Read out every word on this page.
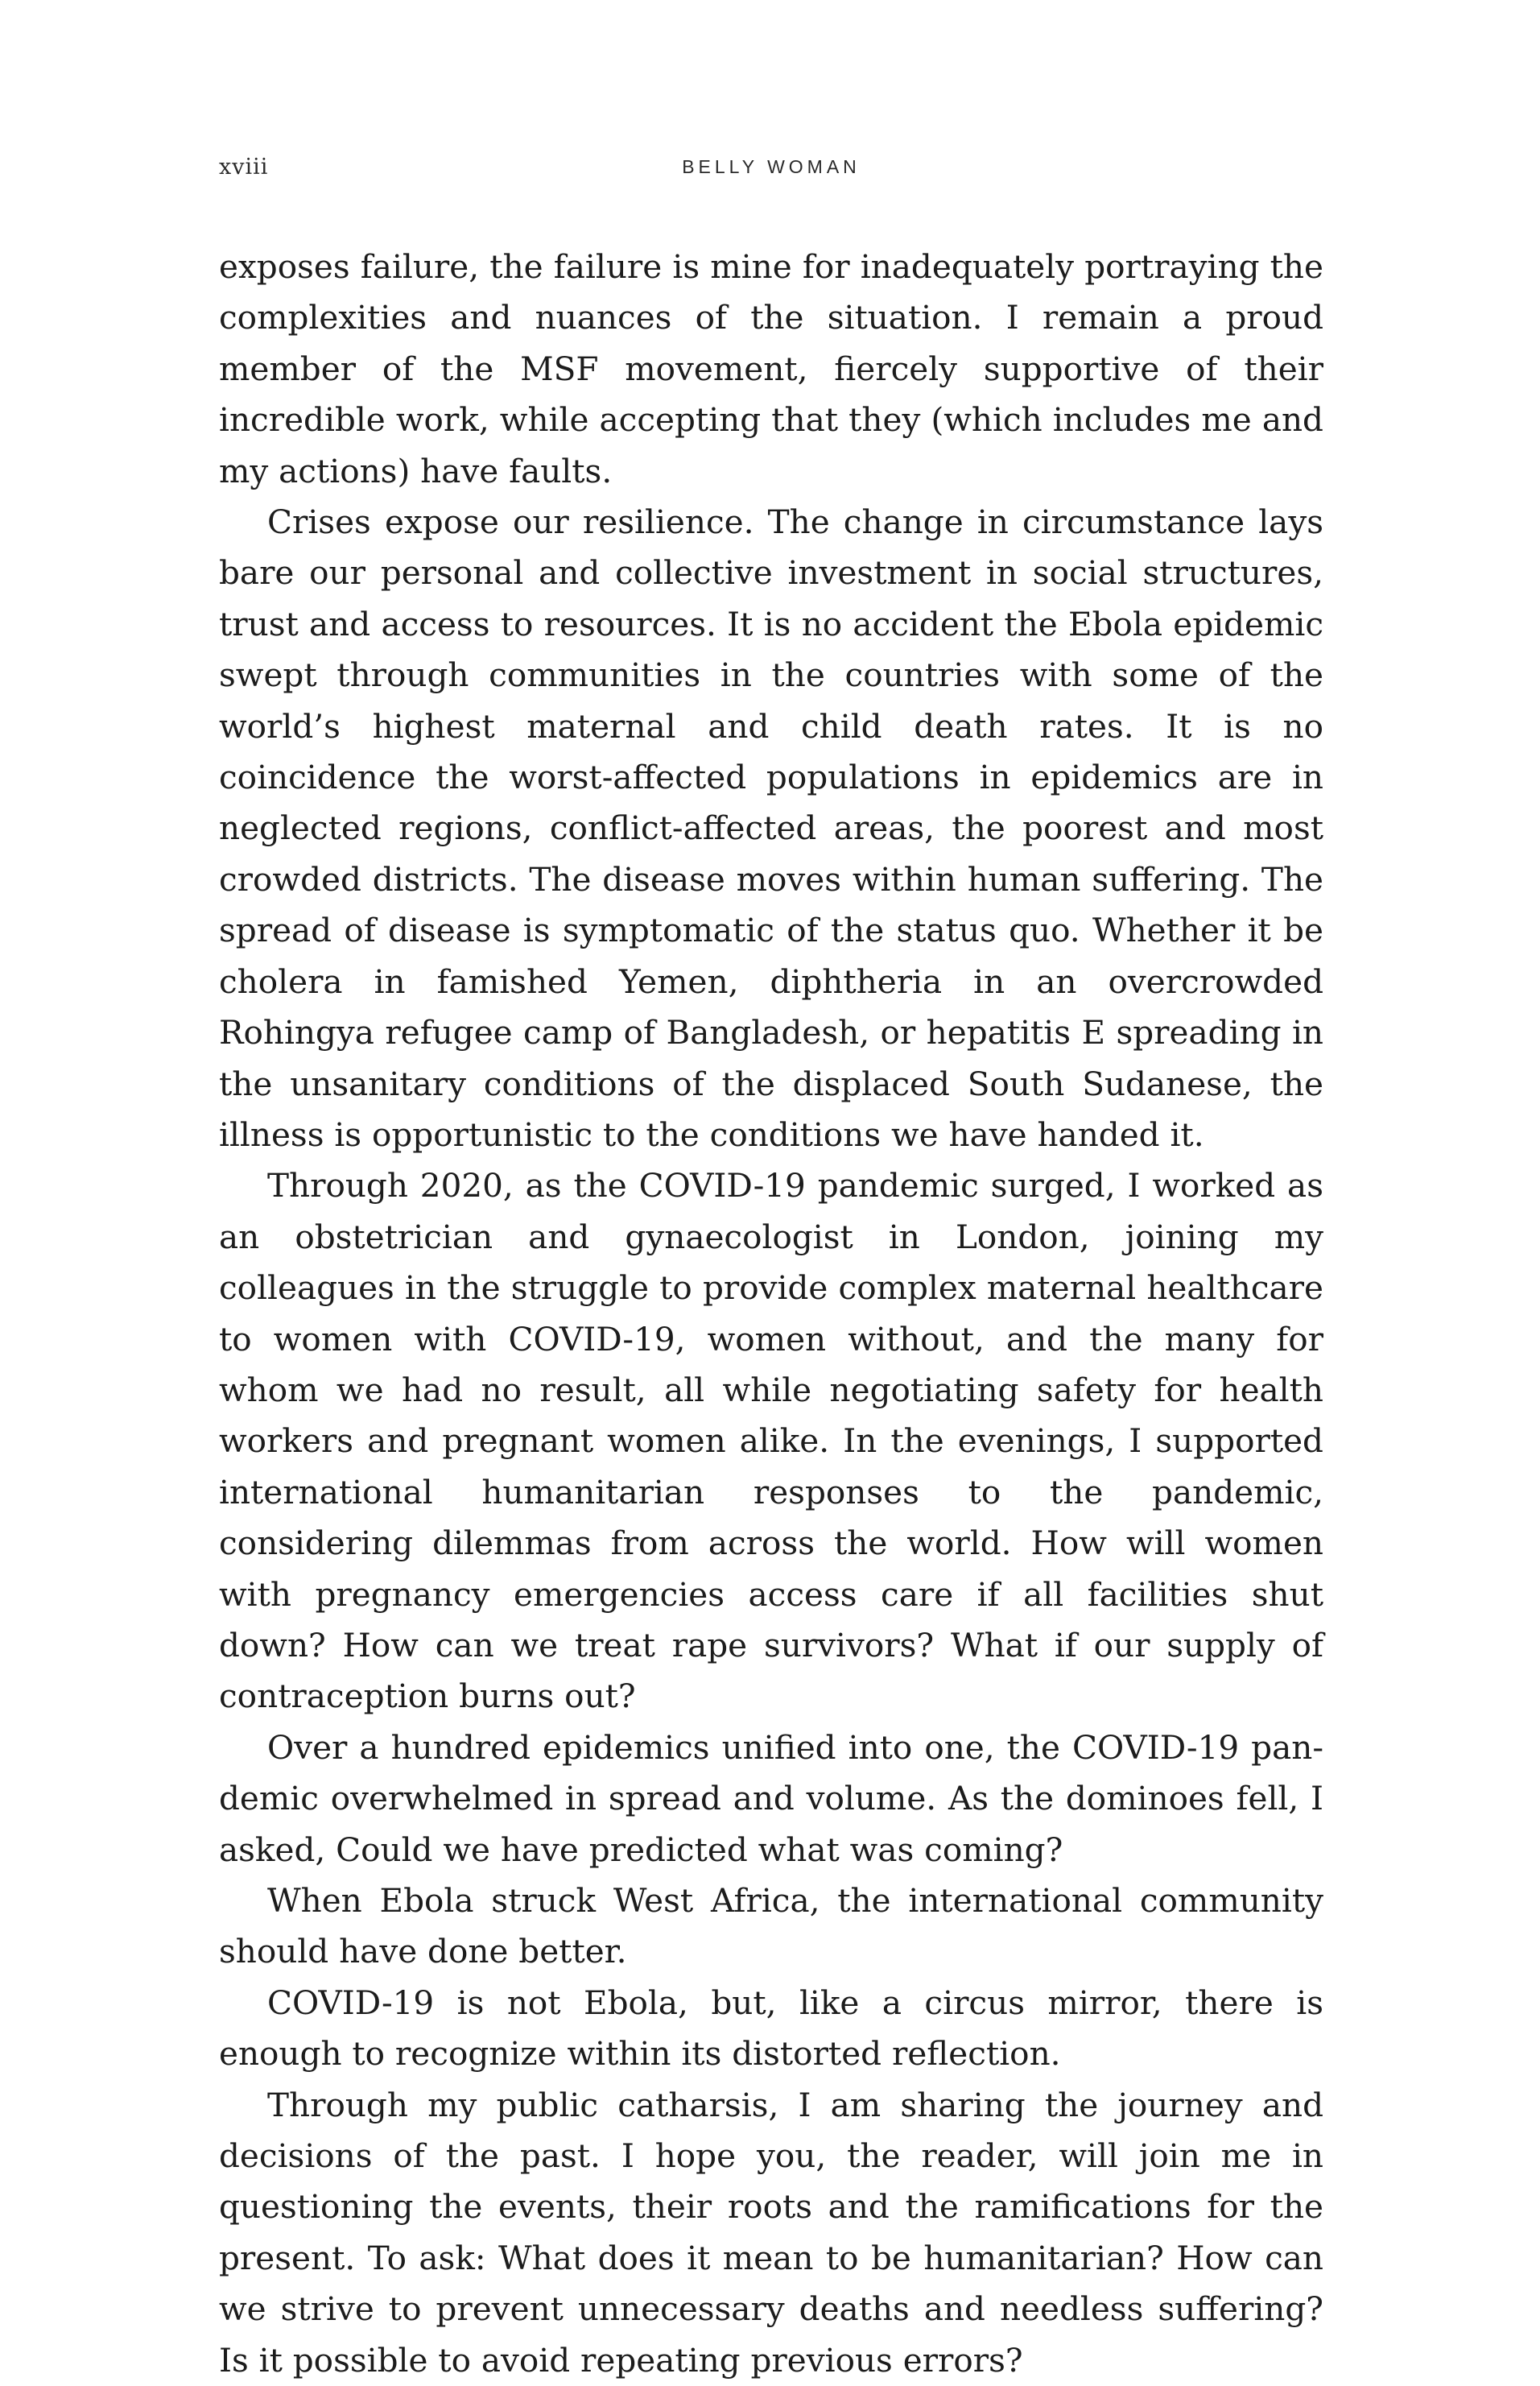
xviii	BELLY WOMAN

exposes failure, the failure is mine for inadequately portraying the complexities and nuances of the situation. I remain a proud member of the MSF movement, fiercely supportive of their incredible work, while accepting that they (which includes me and my actions) have faults.

Crises expose our resilience. The change in circumstance lays bare our personal and collective investment in social structures, trust and access to resources. It is no accident the Ebola epidemic swept through communities in the countries with some of the world’s highest maternal and child death rates. It is no coincidence the worst-affected populations in epidemics are in neglected regions, conflict-affected areas, the poorest and most crowded districts. The disease moves within human suffering. The spread of disease is symptomatic of the status quo. Whether it be cholera in famished Yemen, diphtheria in an overcrowded Rohingya refugee camp of Bangladesh, or hepatitis E spreading in the unsanitary conditions of the displaced South Sudanese, the illness is opportunistic to the conditions we have handed it.

Through 2020, as the COVID-19 pandemic surged, I worked as an obstetrician and gynaecologist in London, joining my colleagues in the struggle to provide complex maternal healthcare to women with COVID-19, women without, and the many for whom we had no result, all while negotiating safety for health workers and pregnant women alike. In the evenings, I supported international humanitarian responses to the pandemic, considering dilemmas from across the world. How will women with pregnancy emergencies access care if all facilities shut down? How can we treat rape survivors? What if our supply of contraception burns out?

Over a hundred epidemics unified into one, the COVID-19 pandemic overwhelmed in spread and volume. As the dominoes fell, I asked, Could we have predicted what was coming?

When Ebola struck West Africa, the international community should have done better.

COVID-19 is not Ebola, but, like a circus mirror, there is enough to recognize within its distorted reflection.

Through my public catharsis, I am sharing the journey and decisions of the past. I hope you, the reader, will join me in questioning the events, their roots and the ramifications for the present. To ask: What does it mean to be humanitarian? How can we strive to prevent unnecessary deaths and needless suffering? Is it possible to avoid repeating previous errors?
